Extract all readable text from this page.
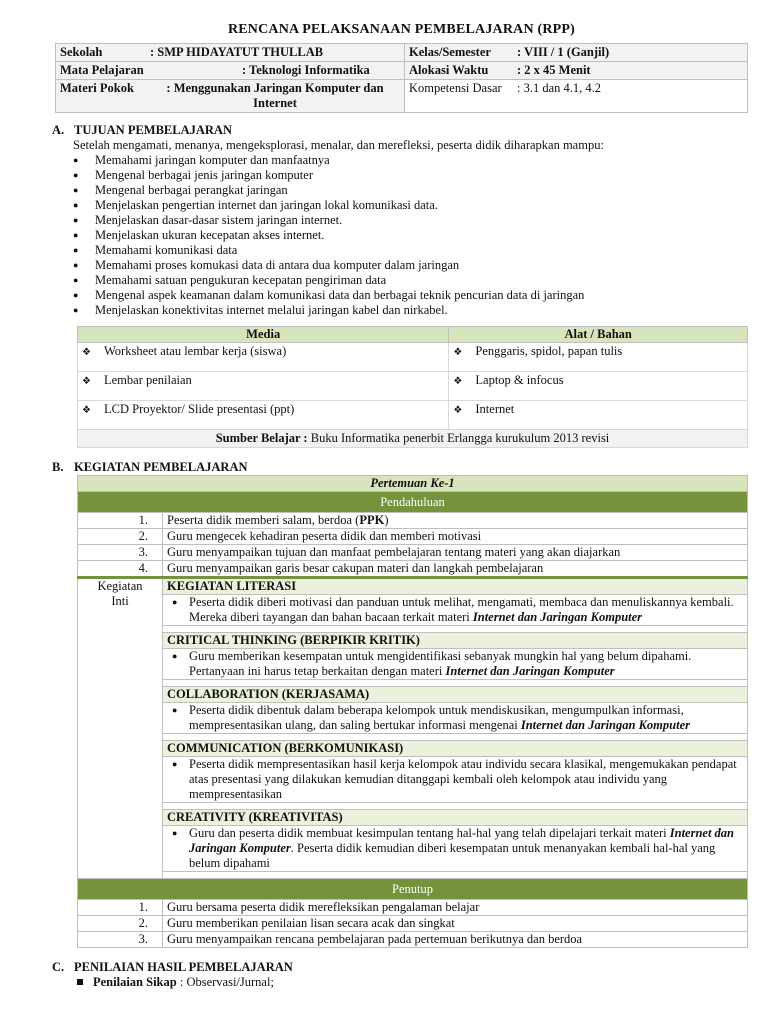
RENCANA PELAKSANAAN PEMBELAJARAN (RPP)
Sekolah : SMP HIDAYATUT THULLAB	Kelas/Semester : VIII / 1 (Ganjil)
Mata Pelajaran : Teknologi Informatika	Alokasi Waktu : 2 x 45 Menit

Materi Pokok : Menggunakan Jaringan Komputer dan Internet	Kompetensi Dasar : 3.1 dan 4.1, 4.2
A. TUJUAN PEMBELAJARAN
Setelah mengamati, menanya, mengeksplorasi, menalar, dan merefleksi, peserta didik diharapkan mampu:
● Memahami jaringan komputer dan manfaatnya
● Mengenal berbagai jenis jaringan komputer
● Mengenal berbagai perangkat jaringan
● Menjelaskan pengertian internet dan jaringan lokal komunikasi data.
● Menjelaskan dasar-dasar sistem jaringan internet.
● Menjelaskan ukuran kecepatan akses internet.
● Memahami komunikasi data
● Memahami proses komukasi data di antara dua komputer dalam jaringan
● Memahami satuan pengukuran kecepatan pengiriman data
● Mengenal aspek keamanan dalam komunikasi data dan berbagai teknik pencurian data di jaringan
● Menjelaskan konektivitas internet melalui jaringan kabel dan nirkabel.
Media	Alat / Bahan
❖ Worksheet atau lembar kerja (siswa)	❖ Penggaris, spidol, papan tulis
❖ Lembar penilaian	❖ Laptop & infocus
❖ LCD Proyektor/ Slide presentasi (ppt)	❖ Internet
Sumber Belajar : Buku Informatika penerbit Erlangga kurukulum 2013 revisi	
B. KEGIATAN PEMBELAJARAN
Pertemuan Ke-1	
Pendahuluan	
1.	Peserta didik memberi salam, berdoa (PPK)
2.	Guru mengecek kehadiran peserta didik dan memberi motivasi
3.	Guru menyampaikan tujuan dan manfaat pembelajaran tentang materi yang akan diajarkan
4.	Guru menyampaikan garis besar cakupan materi dan langkah pembelajaran

Kegiatan
Inti	KEGIATAN LITERASI
	● Peserta didik diberi motivasi dan panduan untuk melihat, mengamati, membaca dan menuliskannya kembali. Mereka diberi tayangan dan bahan bacaan terkait materi Internet dan Jaringan Komputer

	CRITICAL THINKING (BERPIKIR KRITIK)
	● Guru memberikan kesempatan untuk mengidentifikasi sebanyak mungkin hal yang belum dipahami. Pertanyaan ini harus tetap berkaitan dengan materi Internet dan Jaringan Komputer

	COLLABORATION (KERJASAMA)
	● Peserta didik dibentuk dalam beberapa kelompok untuk mendiskusikan, mengumpulkan informasi, mempresentasikan ulang, dan saling bertukar informasi mengenai Internet dan Jaringan Komputer

	COMMUNICATION (BERKOMUNIKASI)
	● Peserta didik mempresentasikan hasil kerja kelompok atau individu secara klasikal, mengemukakan pendapat atas presentasi yang dilakukan kemudian ditanggapi kembali oleh kelompok atau individu yang mempresentasikan

	CREATIVITY (KREATIVITAS)
	● Guru dan peserta didik membuat kesimpulan tentang hal-hal yang telah dipelajari terkait materi Internet dan Jaringan Komputer. Peserta didik kemudian diberi kesempatan untuk menanyakan kembali hal-hal yang belum dipahami

Penutup	
1.	Guru bersama peserta didik merefleksikan pengalaman belajar
2.	Guru memberikan penilaian lisan secara acak dan singkat
3.	Guru menyampaikan rencana pembelajaran pada pertemuan berikutnya dan berdoa
C. PENILAIAN HASIL PEMBELAJARAN
Penilaian Sikap : Observasi/Jurnal;
